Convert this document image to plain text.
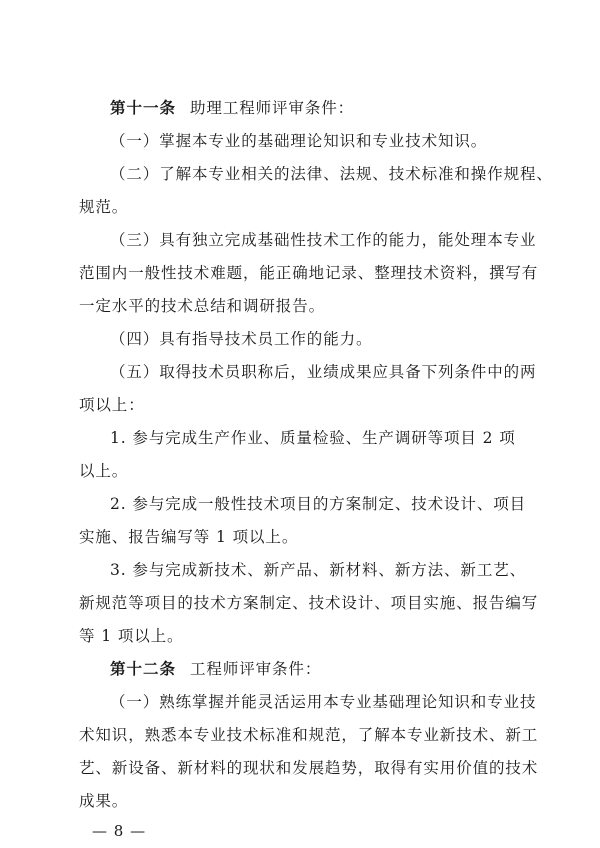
第十一条 助理工程师评审条件：
（一）掌握本专业的基础理论知识和专业技术知识。
（二）了解本专业相关的法律、法规、技术标准和操作规程、
规范。
（三）具有独立完成基础性技术工作的能力，能处理本专业
范围内一般性技术难题，能正确地记录、整理技术资料，撰写有
一定水平的技术总结和调研报告。
（四）具有指导技术员工作的能力。
（五）取得技术员职称后，业绩成果应具备下列条件中的两
项以上：
1. 参与完成生产作业、质量检验、生产调研等项目 2 项
以上。
2. 参与完成一般性技术项目的方案制定、技术设计、项目
实施、报告编写等 1 项以上。
3. 参与完成新技术、新产品、新材料、新方法、新工艺、
新规范等项目的技术方案制定、技术设计、项目实施、报告编写
等 1 项以上。
第十二条 工程师评审条件：
（一）熟练掌握并能灵活运用本专业基础理论知识和专业技
术知识，熟悉本专业技术标准和规范，了解本专业新技术、新工
艺、新设备、新材料的现状和发展趋势，取得有实用价值的技术
成果。
— 8 —
